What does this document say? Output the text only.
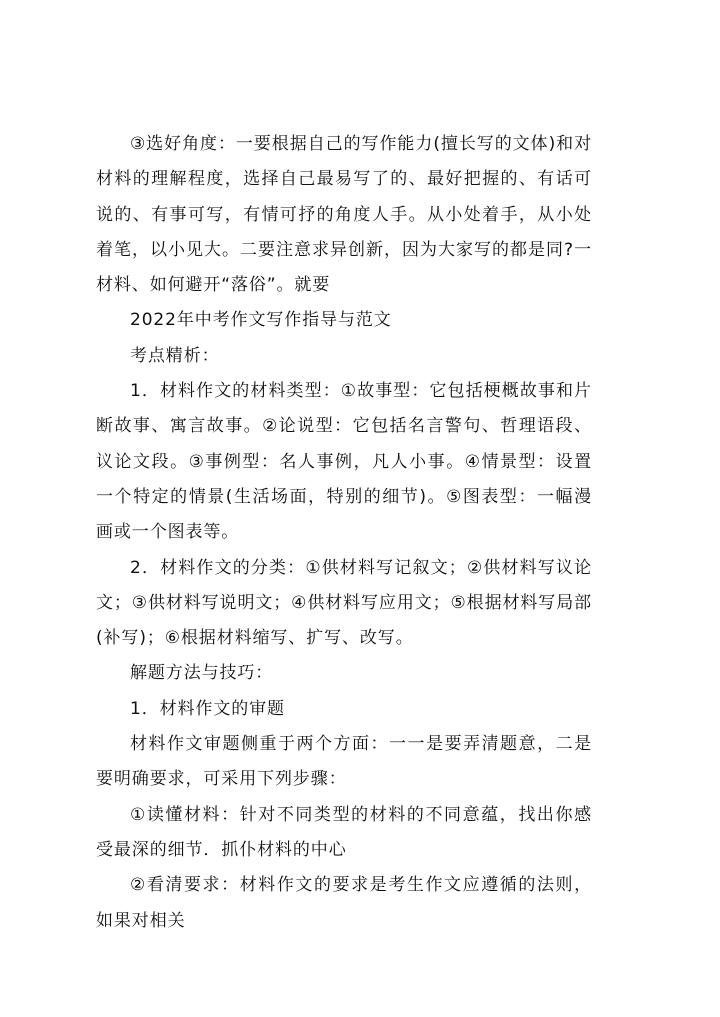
③选好角度：一要根据自己的写作能力(擅长写的文体)和对材料的理解程度，选择自己最易写了的、最好把握的、有话可说的、有事可写，有情可抒的角度人手。从小处着手，从小处着笔，以小见大。二要注意求异创新，因为大家写的都是同?一材料、如何避开“落俗”。就要

2022年中考作文写作指导与范文

考点精析：

1．材料作文的材料类型：①故事型：它包括梗概故事和片断故事、寓言故事。②论说型：它包括名言警句、哲理语段、议论文段。③事例型：名人事例，凡人小事。④情景型：设置一个特定的情景(生活场面，特别的细节)。⑤图表型：一幅漫画或一个图表等。

2．材料作文的分类：①供材料写记叙文；②供材料写议论文；③供材料写说明文；④供材料写应用文；⑤根据材料写局部(补写)；⑥根据材料缩写、扩写、改写。

解题方法与技巧：

1．材料作文的审题

材料作文审题侧重于两个方面：一一是要弄清题意，二是要明确要求，可采用下列步骤：

①读懂材料：针对不同类型的材料的不同意蕴，找出你感受最深的细节．抓仆材料的中心

②看清要求：材料作文的要求是考生作文应遵循的法则，如果对相关
